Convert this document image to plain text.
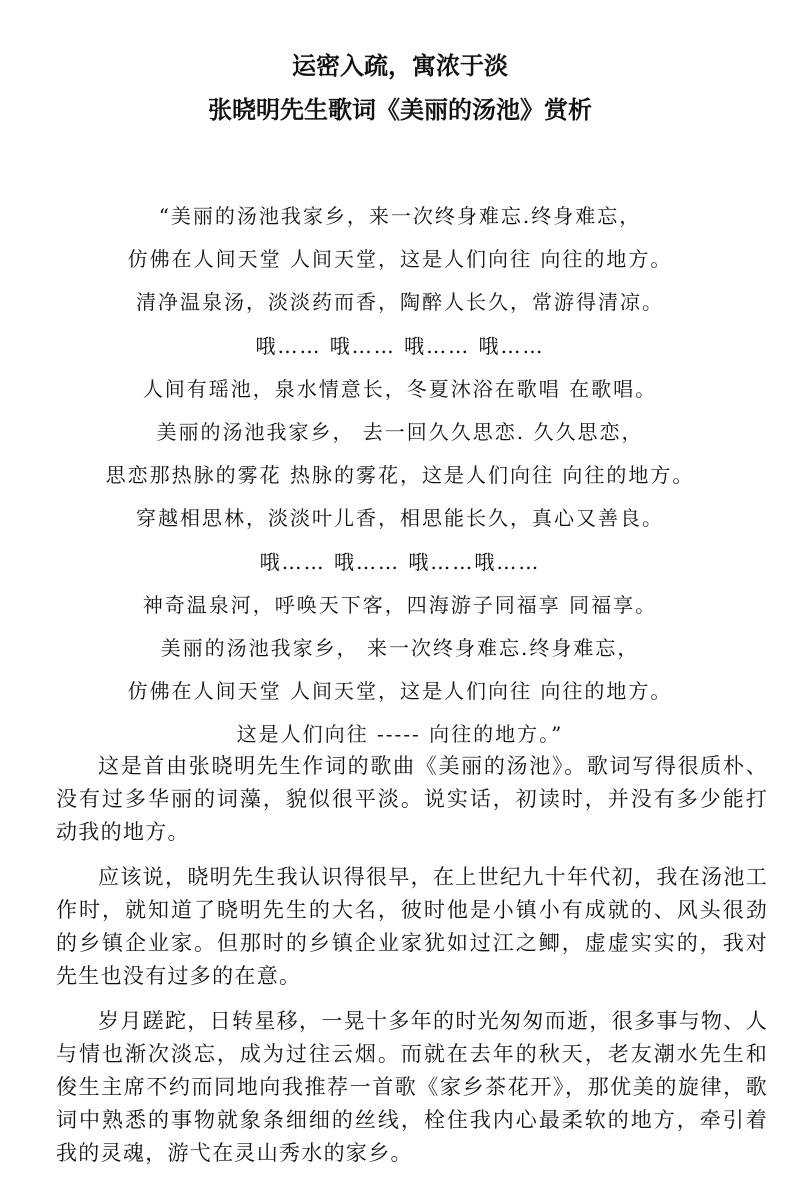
运密入疏，寓浓于淡
张晓明先生歌词《美丽的汤池》赏析
“美丽的汤池我家乡，来一次终身难忘.终身难忘，
仿佛在人间天堂 人间天堂，这是人们向往 向往的地方。
清净温泉汤，淡淡药而香，陶醉人长久，常游得清凉。
哦…… 哦…… 哦…… 哦……
人间有瑶池，泉水情意长，冬夏沐浴在歌唱 在歌唱。
美丽的汤池我家乡， 去一回久久思恋. 久久思恋，
思恋那热脉的雾花 热脉的雾花，这是人们向往 向往的地方。
穿越相思林，淡淡叶儿香，相思能长久，真心又善良。
哦…… 哦…… 哦……哦……
神奇温泉河，呼唤天下客，四海游子同福享 同福享。
美丽的汤池我家乡， 来一次终身难忘.终身难忘，
仿佛在人间天堂 人间天堂，这是人们向往 向往的地方。
这是人们向往 ----- 向往的地方。”

这是首由张晓明先生作词的歌曲《美丽的汤池》。歌词写得很质朴、没有过多华丽的词藻，貌似很平淡。说实话，初读时，并没有多少能打动我的地方。

应该说，晓明先生我认识得很早，在上世纪九十年代初，我在汤池工作时，就知道了晓明先生的大名，彼时他是小镇小有成就的、风头很劲的乡镇企业家。但那时的乡镇企业家犹如过江之鲫，虚虚实实的，我对先生也没有过多的在意。

岁月蹉跎，日转星移，一晃十多年的时光匆匆而逝，很多事与物、人与情也渐次淡忘，成为过往云烟。而就在去年的秋天，老友潮水先生和俊生主席不约而同地向我推荐一首歌《家乡茶花开》，那优美的旋律，歌词中熟悉的事物就象条细细的丝线，栓住我内心最柔软的地方，牵引着我的灵魂，游弋在灵山秀水的家乡。
